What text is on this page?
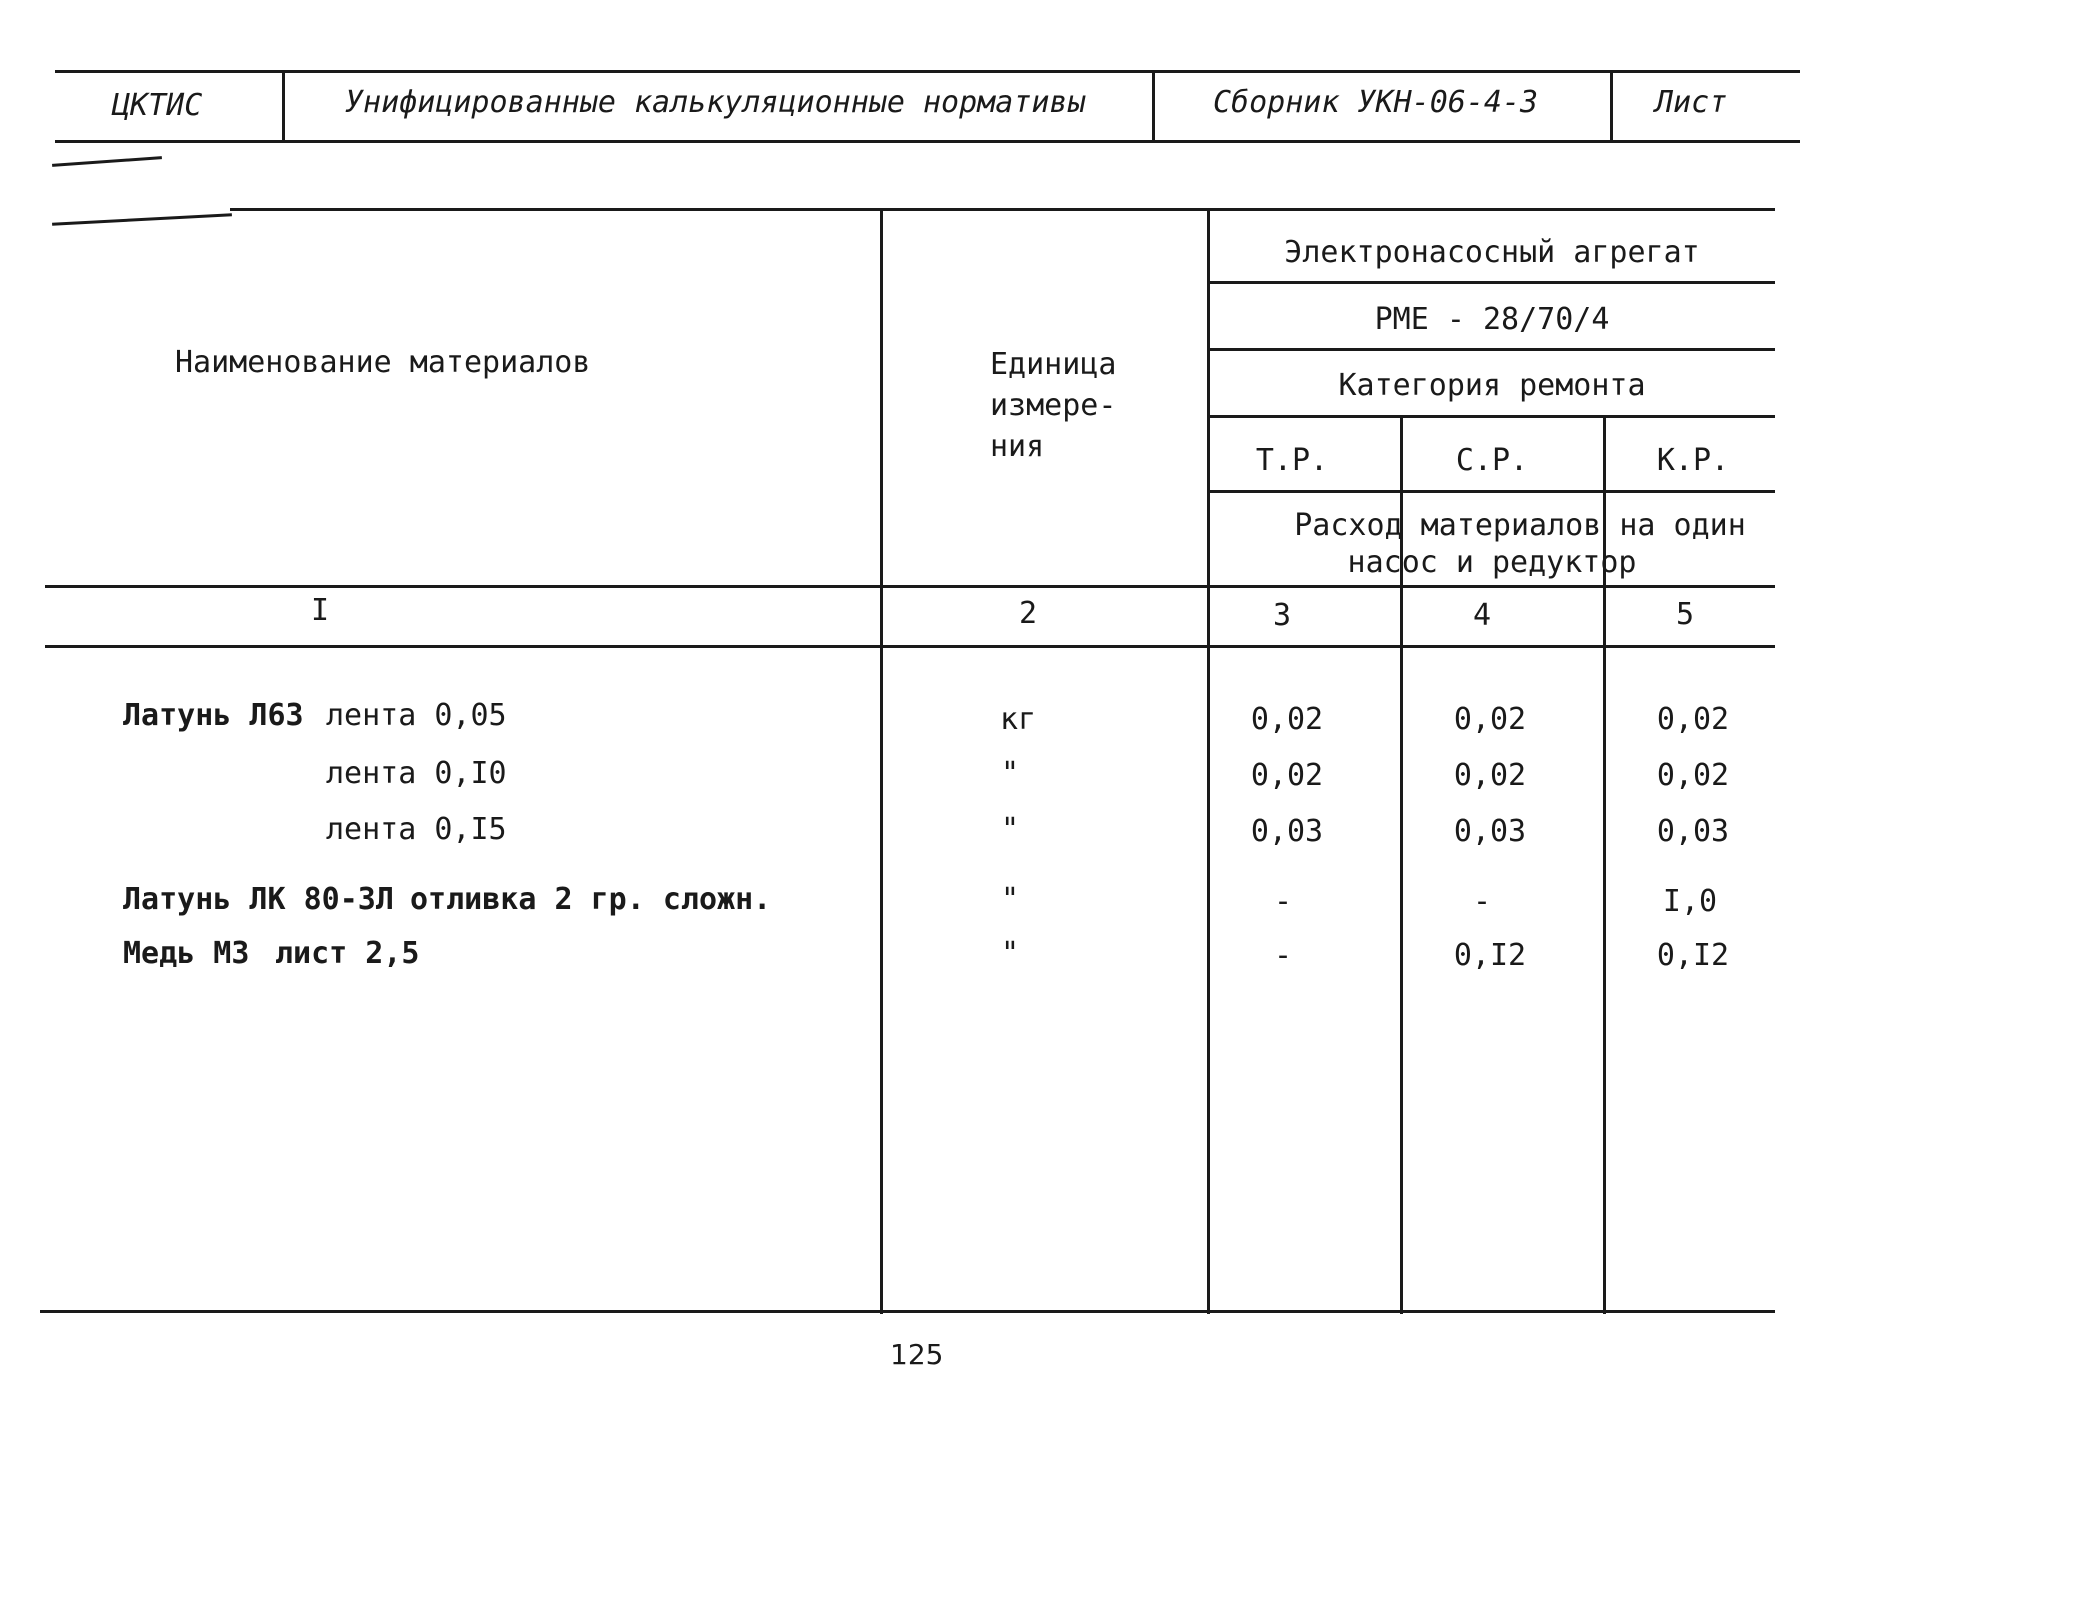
ЦКТИС	Унифицированные калькуляционные нормативы	Сборник УКН-06-4-3	Лист
Наименование материалов	Единица
измере-
ния
Электронасосный агрегат
РМЕ - 28/70/4
Категория ремонта
Т.Р.	С.Р.	К.Р.
Расход материалов на один
насос и редуктор
I	2	3	4	5
Латунь Л63 лента 0,05	кг	0,02	0,02	0,02
лента 0,I0	"	0,02	0,02	0,02
лента 0,I5	"	0,03	0,03	0,03
Латунь ЛК 80-3Л отливка 2 гр. сложн.	"	-	-	I,0
Медь М3 лист 2,5	"	-	0,I2	0,I2
125
